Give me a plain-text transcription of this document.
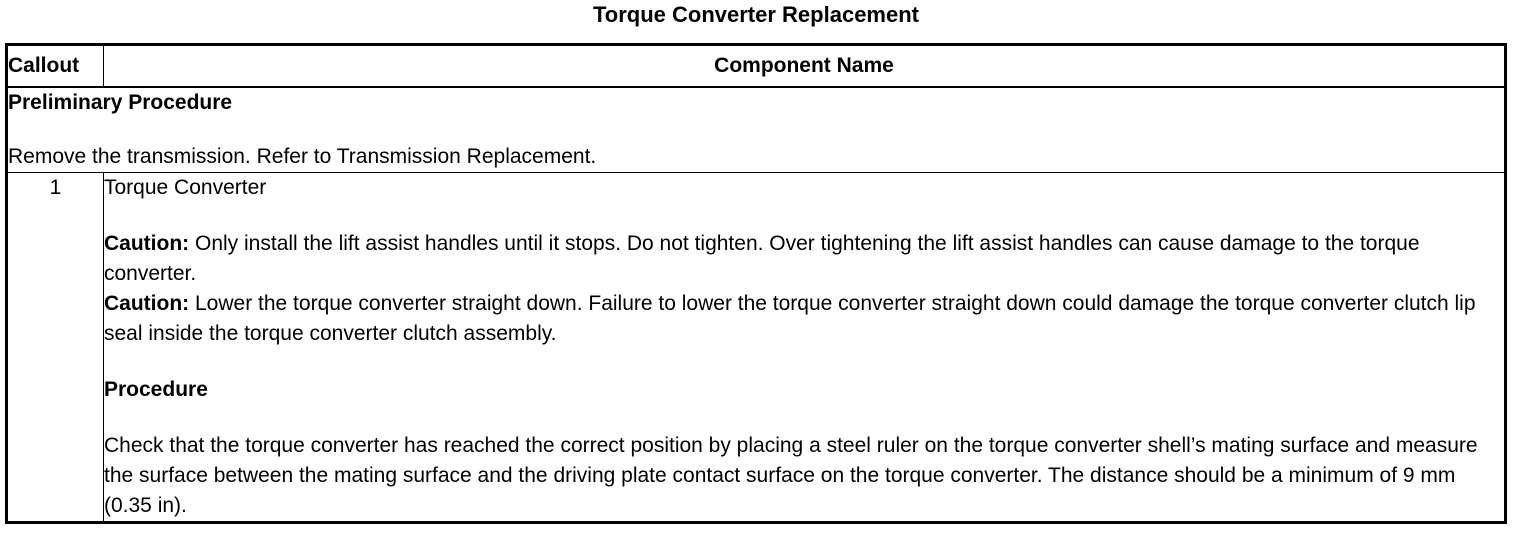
Torque Converter Replacement
Callout	Component Name

Preliminary Procedure
Remove the transmission. Refer to Transmission Replacement.	

1	Torque Converter
Caution: Only install the lift assist handles until it stops. Do not tighten. Over tightening the lift assist handles can cause damage to the torque converter.
Caution: Lower the torque converter straight down. Failure to lower the torque converter straight down could damage the torque converter clutch lip seal inside the torque converter clutch assembly.
Procedure
Check that the torque converter has reached the correct position by placing a steel ruler on the torque converter shell’s mating surface and measure the surface between the mating surface and the driving plate contact surface on the torque converter. The distance should be a minimum of 9 mm (0.35 in).
